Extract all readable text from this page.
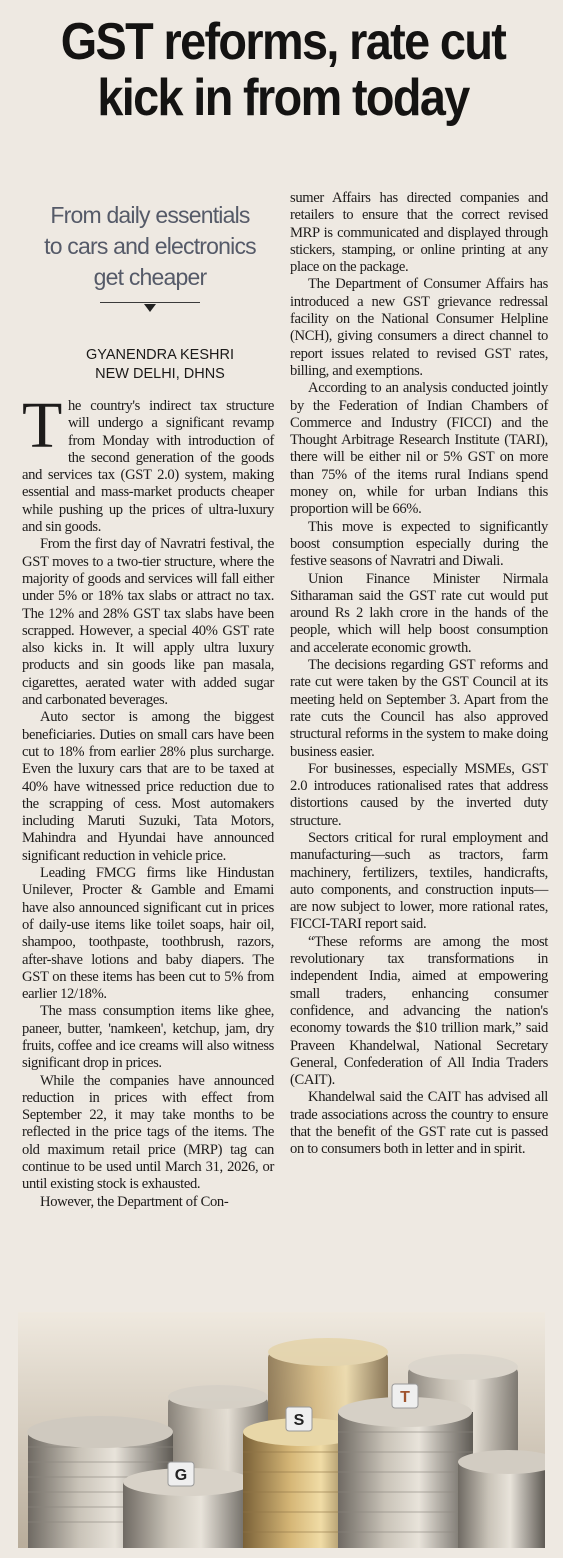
GST reforms, rate cut
kick in from today
From daily essentials
to cars and electronics
get cheaper
GYANENDRA KESHRI
NEW DELHI, DHNS

The country's indirect tax structure will undergo a significant revamp from Monday with introduction of the second generation of the goods and services tax (GST 2.0) system, making essential and mass-market products cheaper while pushing up the prices of ultra-luxury and sin goods.

From the first day of Navratri festival, the GST moves to a two-tier structure, where the majority of goods and services will fall either under 5% or 18% tax slabs or attract no tax. The 12% and 28% GST tax slabs have been scrapped. However, a special 40% GST rate also kicks in. It will apply ultra luxury products and sin goods like pan masala, cigarettes, aerated water with added sugar and carbonated beverages.

Auto sector is among the biggest beneficiaries. Duties on small cars have been cut to 18% from earlier 28% plus surcharge. Even the luxury cars that are to be taxed at 40% have witnessed price reduction due to the scrapping of cess. Most automakers including Maruti Suzuki, Tata Motors, Mahindra and Hyundai have announced significant reduction in vehicle price.

Leading FMCG firms like Hindustan Unilever, Procter & Gamble and Emami have also announced significant cut in prices of daily-use items like toilet soaps, hair oil, shampoo, toothpaste, toothbrush, razors, after-shave lotions and baby diapers. The GST on these items has been cut to 5% from earlier 12/18%.

The mass consumption items like ghee, paneer, butter, 'namkeen', ketchup, jam, dry fruits, coffee and ice creams will also witness significant drop in prices.

While the companies have announced reduction in prices with effect from September 22, it may take months to be reflected in the price tags of the items. The old maximum retail price (MRP) tag can continue to be used until March 31, 2026, or until existing stock is exhausted.

However, the Department of Con-

sumer Affairs has directed companies and retailers to ensure that the correct revised MRP is communicated and displayed through stickers, stamping, or online printing at any place on the package.

The Department of Consumer Affairs has introduced a new GST grievance redressal facility on the National Consumer Helpline (NCH), giving consumers a direct channel to report issues related to revised GST rates, billing, and exemptions.

According to an analysis conducted jointly by the Federation of Indian Chambers of Commerce and Industry (FICCI) and the Thought Arbitrage Research Institute (TARI), there will be either nil or 5% GST on more than 75% of the items rural Indians spend money on, while for urban Indians this proportion will be 66%.

This move is expected to significantly boost consumption especially during the festive seasons of Navratri and Diwali.

Union Finance Minister Nirmala Sitharaman said the GST rate cut would put around Rs 2 lakh crore in the hands of the people, which will help boost consumption and accelerate economic growth.

The decisions regarding GST reforms and rate cut were taken by the GST Council at its meeting held on September 3. Apart from the rate cuts the Council has also approved structural reforms in the system to make doing business easier.

For businesses, especially MSMEs, GST 2.0 introduces rationalised rates that address distortions caused by the inverted duty structure.

Sectors critical for rural employment and manufacturing—such as tractors, farm machinery, fertilizers, textiles, handicrafts, auto components, and construction inputs—are now subject to lower, more rational rates, FICCI-TARI report said.

“These reforms are among the most revolutionary tax transformations in independent India, aimed at empowering small traders, enhancing consumer confidence, and advancing the nation's economy towards the $10 trillion mark,” said Praveen Khandelwal, National Secretary General, Confederation of All India Traders (CAIT).

Khandelwal said the CAIT has advised all trade associations across the country to ensure that the benefit of the GST rate cut is passed on to consumers both in letter and in spirit.

G
S
T
